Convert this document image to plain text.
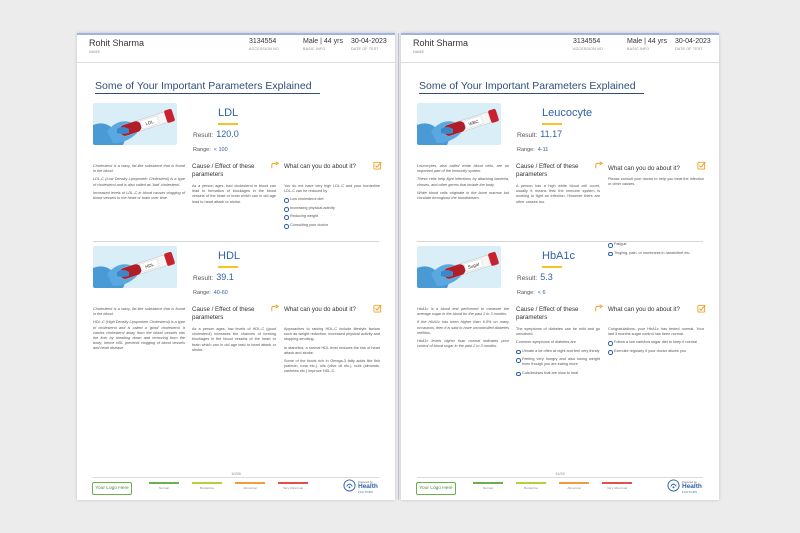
Rohit Sharma
NAME
3134554
ACCESSION NO
Male | 44 yrs
BASIC INFO
30-04-2023
DATE OF TEST
Some of Your Important Parameters Explained
LDL
LDL
Result: 120.0
Range: < 100

Cholesterol is a waxy, fat-like substance that is found in the blood.

LDL-C (Low Density Lipoprotein Cholesterol) is a type of cholesterol and is also called as 'bad' cholesterol.

Increased levels of LDL-C in blood causes clogging of blood vessels to the heart or brain over time.

Cause / Effect of these parameters
What can you do about it?
As a person ages, bad cholesterol in blood can lead to formation of blockages in the blood vessels of the heart or brain which can in old age lead to heart attack or stroke.

You do not have very high LDL-C and your borderline LDL-C can be reduced by

Low cholesterol diet
Increasing physical activity
Reducing weight
Consulting your doctor
HDL
HDL
Result: 39.1
Range: 40-60

Cholesterol is a waxy, fat-like substance that is found in the blood.

HDL-C (High Density Lipoprotein Cholesterol) is a type of cholesterol and is called a 'good' cholesterol. It carries cholesterol away from the blood vessels into the liver by breaking down and removing from the body; hence HDL prevents clogging of blood vessels and heart disease.

Cause / Effect of these parameters
What can you do about it?
As a person ages, low levels of HDL-C (good cholesterol) increases the chances of forming blockages in the blood vessels of the heart or brain which can in old age lead to heart attack or stroke.

Approaches to raising HDL-C include lifestyle factors such as weight reduction, increased physical activity and stopping smoking.

In diabetics, a normal HDL level reduces the risk of heart attack and stroke.

Some of the foods rich in Omega-3 fatty acids like fish (salmon, tuna etc.), oils (olive oil etc.), nuts (almonds, cashews etc.) improve HDL-C.

10/39
Your Logo Here	Normal	Borderline	Abnormal	Very Abnormal
Powered by
Health
FACTORS
Rohit Sharma
NAME
3134554
ACCESSION NO
Male | 44 yrs
BASIC INFO
30-04-2023
DATE OF TEST
Some of Your Important Parameters Explained
WBC
Leucocyte
Result: 11.17
Range: 4-11

Leucocytes, also called white blood cells, are an important part of the immunity system.

These cells help fight infections by attacking bacteria, viruses, and other germs that invade the body.

White blood cells originate in the bone marrow but circulate throughout the bloodstream.

Cause / Effect of these parameters
What can you do about it?
A person has a high white blood cell count, usually it means that the immune system is working to fight an infection. However there are other causes too.

Please consult your doctor to help you treat the infection or other causes.

Sugar
HbA1c
Result: 5.3
Range: < 6
Fatigue
Tingling, pain, or numbness in hands/feet etc.

HbA1c is a blood test performed to measure the average sugar in the blood for the past 2 to 3 months.

If the HbA1c has been higher than 6.5% on many occasions, then it is said to have uncontrolled diabetes mellitus.

HbA1c levels higher than normal indicates poor control of blood sugar in the past 2 to 3 months.

Cause / Effect of these parameters
What can you do about it?

The symptoms of diabetes can be mild and go unnoticed.

Common symptoms of diabetes are

Urinate a lot often at night and feel very thirsty
Feeling very hungry and also losing weight even though you are eating more
Cuts/bruises that are slow to heal

Congratulations, your HbA1c has tested normal. Your last 3 months sugar control has been normal.

Follow a low carb/low sugar diet to keep it normal
Exercise regularly if your doctor allows you
11/39
Your Logo Here	Normal	Borderline	Abnormal	Very Abnormal
Powered by
Health
FACTORS
